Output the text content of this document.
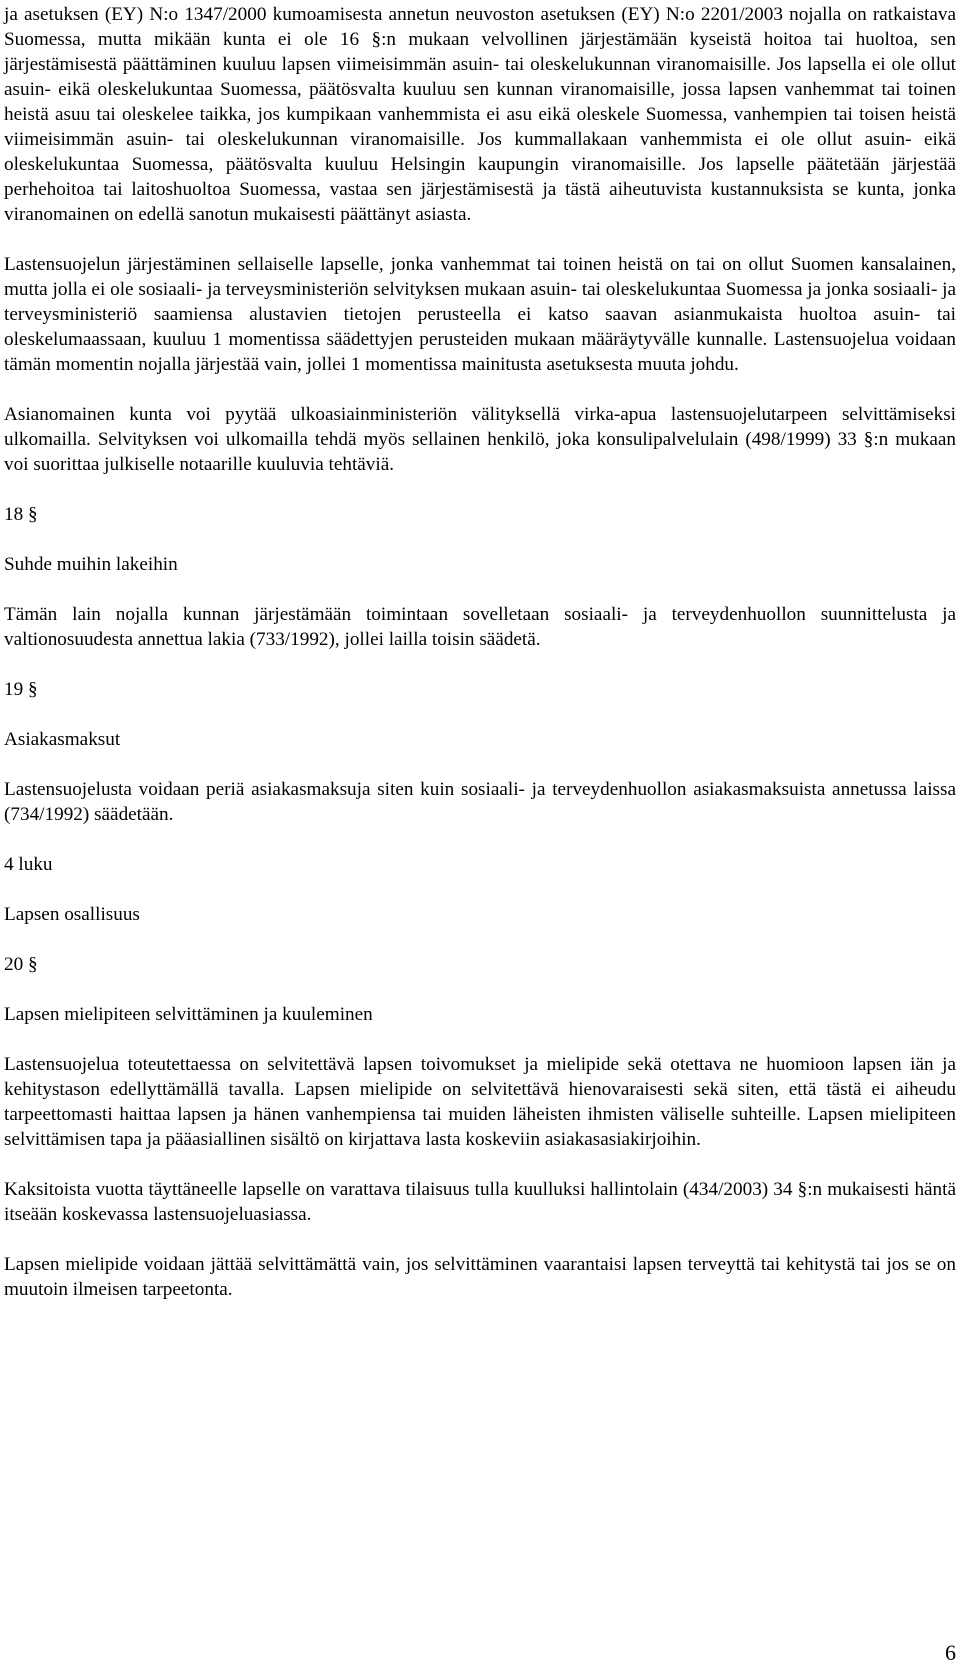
ja asetuksen (EY) N:o 1347/2000 kumoamisesta annetun neuvoston asetuksen (EY) N:o 2201/2003 nojalla on ratkaistava Suomessa, mutta mikään kunta ei ole 16 §:n mukaan velvollinen järjestämään kyseistä hoitoa tai huoltoa, sen järjestämisestä päättäminen kuuluu lapsen viimeisimmän asuin- tai oleskelukunnan viranomaisille. Jos lapsella ei ole ollut asuin- eikä oleskelukuntaa Suomessa, päätösvalta kuuluu sen kunnan viranomaisille, jossa lapsen vanhemmat tai toinen heistä asuu tai oleskelee taikka, jos kumpikaan vanhemmista ei asu eikä oleskele Suomessa, vanhempien tai toisen heistä viimeisimmän asuin- tai oleskelukunnan viranomaisille. Jos kummallakaan vanhemmista ei ole ollut asuin- eikä oleskelukuntaa Suomessa, päätösvalta kuuluu Helsingin kaupungin viranomaisille. Jos lapselle päätetään järjestää perhehoitoa tai laitoshuoltoa Suomessa, vastaa sen järjestämisestä ja tästä aiheutuvista kustannuksista se kunta, jonka viranomainen on edellä sanotun mukaisesti päättänyt asiasta.

Lastensuojelun järjestäminen sellaiselle lapselle, jonka vanhemmat tai toinen heistä on tai on ollut Suomen kansalainen, mutta jolla ei ole sosiaali- ja terveysministeriön selvityksen mukaan asuin- tai oleskelukuntaa Suomessa ja jonka sosiaali- ja terveysministeriö saamiensa alustavien tietojen perusteella ei katso saavan asianmukaista huoltoa asuin- tai oleskelumaassaan, kuuluu 1 momentissa säädettyjen perusteiden mukaan määräytyvälle kunnalle. Lastensuojelua voidaan tämän momentin nojalla järjestää vain, jollei 1 momentissa mainitusta asetuksesta muuta johdu.

Asianomainen kunta voi pyytää ulkoasiainministeriön välityksellä virka-apua lastensuojelutarpeen selvittämiseksi ulkomailla. Selvityksen voi ulkomailla tehdä myös sellainen henkilö, joka konsulipalvelulain (498/1999) 33 §:n mukaan voi suorittaa julkiselle notaarille kuuluvia tehtäviä.

18 §

Suhde muihin lakeihin

Tämän lain nojalla kunnan järjestämään toimintaan sovelletaan sosiaali- ja terveydenhuollon suunnittelusta ja valtionosuudesta annettua lakia (733/1992), jollei lailla toisin säädetä.

19 §

Asiakasmaksut

Lastensuojelusta voidaan periä asiakasmaksuja siten kuin sosiaali- ja terveydenhuollon asiakasmaksuista annetussa laissa (734/1992) säädetään.

4 luku

Lapsen osallisuus

20 §

Lapsen mielipiteen selvittäminen ja kuuleminen

Lastensuojelua toteutettaessa on selvitettävä lapsen toivomukset ja mielipide sekä otettava ne huomioon lapsen iän ja kehitystason edellyttämällä tavalla. Lapsen mielipide on selvitettävä hienovaraisesti sekä siten, että tästä ei aiheudu tarpeettomasti haittaa lapsen ja hänen vanhempiensa tai muiden läheisten ihmisten väliselle suhteille. Lapsen mielipiteen selvittämisen tapa ja pääasiallinen sisältö on kirjattava lasta koskeviin asiakasasiakirjoihin.

Kaksitoista vuotta täyttäneelle lapselle on varattava tilaisuus tulla kuulluksi hallintolain (434/2003) 34 §:n mukaisesti häntä itseään koskevassa lastensuojeluasiassa.

Lapsen mielipide voidaan jättää selvittämättä vain, jos selvittäminen vaarantaisi lapsen terveyttä tai kehitystä tai jos se on muutoin ilmeisen tarpeetonta.

6
